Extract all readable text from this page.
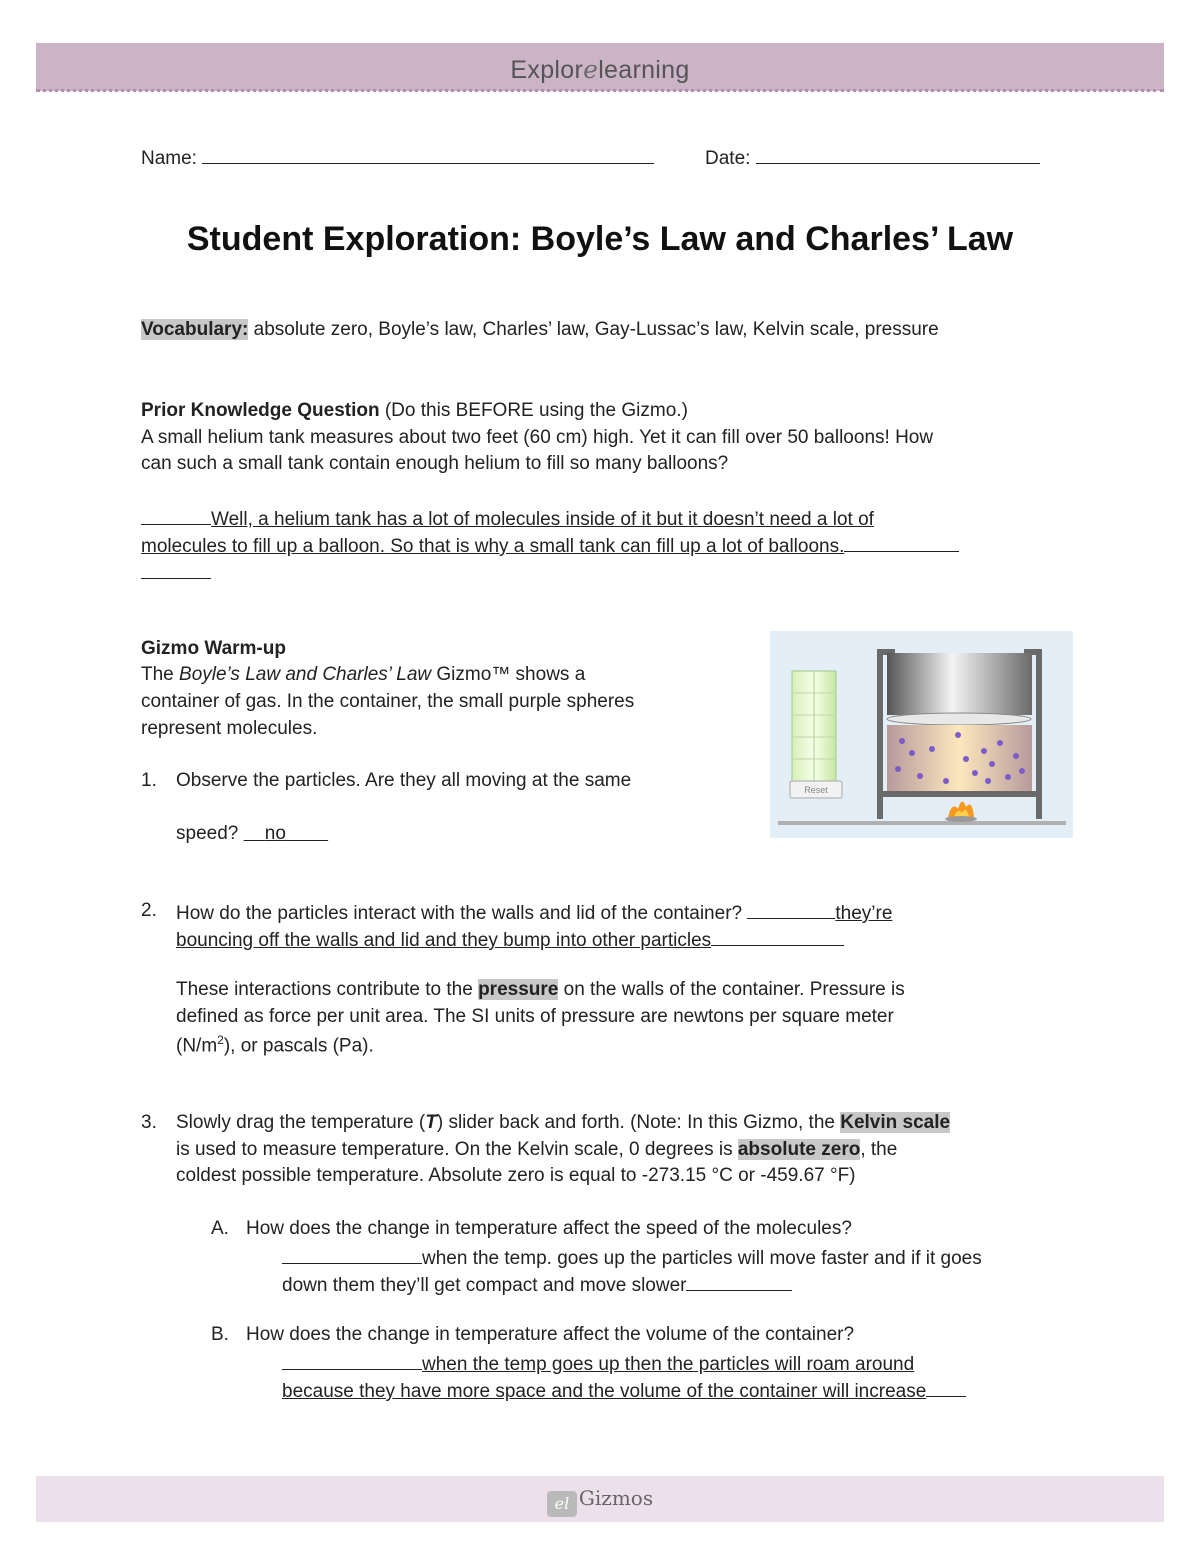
Explorelearning
Name:	Date:
Student Exploration: Boyle’s Law and Charles’ Law
Vocabulary: absolute zero, Boyle’s law, Charles’ law, Gay-Lussac’s law, Kelvin scale, pressure
Prior Knowledge Question (Do this BEFORE using the Gizmo.)
A small helium tank measures about two feet (60 cm) high. Yet it can fill over 50 balloons! How
can such a small tank contain enough helium to fill so many balloons?
Well, a helium tank has a lot of molecules inside of it but it doesn’t need a lot of
molecules to fill up a balloon. So that is why a small tank can fill up a lot of balloons.
Gizmo Warm-up
The Boyle’s Law and Charles’ Law Gizmo™ shows a
container of gas. In the container, the small purple spheres
represent molecules.
Reset
1. Observe the particles. Are they all moving at the same
speed?     no
2. How do the particles interact with the walls and lid of the container?	they’re
bouncing off the walls and lid and they bump into other particles
These interactions contribute to the pressure on the walls of the container. Pressure is
defined as force per unit area. The SI units of pressure are newtons per square meter
$(N/m^2)$, or pascals (Pa).
3. Slowly drag the temperature (T) slider back and forth. (Note: In this Gizmo, the Kelvin scale
is used to measure temperature. On the Kelvin scale, 0 degrees is absolute zero, the
coldest possible temperature. Absolute zero is equal to -273.15 °C or -459.67 °F)
A. How does the change in temperature affect the speed of the molecules?
when the temp. goes up the particles will move faster and if it goes
down them they’ll get compact and move slower
B. How does the change in temperature affect the volume of the container?
when the temp goes up then the particles will roam around
because they have more space and the volume of the container will increase
el Gizmos
